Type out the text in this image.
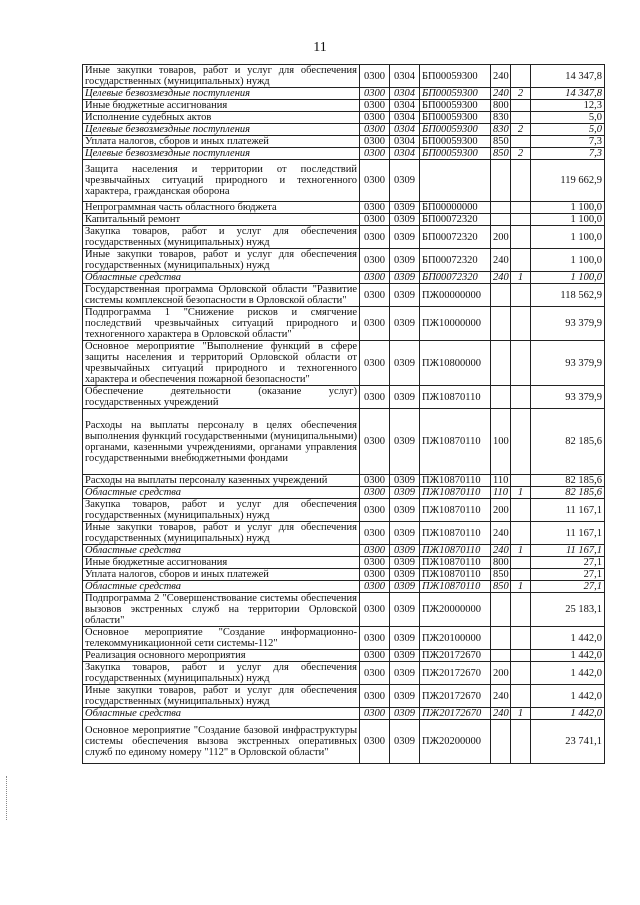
11
Иные закупки товаров, работ и услуг для обеспечения государственных (муниципальных) нужд	0300	0304	БП00059300	240		14 347,8
Целевые безвозмездные поступления	0300	0304	БП00059300	240	2	14 347,8
Иные бюджетные ассигнования	0300	0304	БП00059300	800		12,3
Исполнение судебных актов	0300	0304	БП00059300	830		5,0
Целевые безвозмездные поступления	0300	0304	БП00059300	830	2	5,0
Уплата налогов, сборов и иных платежей	0300	0304	БП00059300	850		7,3
Целевые безвозмездные поступления	0300	0304	БП00059300	850	2	7,3
Защита населения и территории от последствий чрезвычайных ситуаций природного и техногенного характера, гражданская оборона	0300	0309				119 662,9
Непрограммная часть областного бюджета	0300	0309	БП00000000			1 100,0
Капитальный ремонт	0300	0309	БП00072320			1 100,0
Закупка товаров, работ и услуг для обеспечения государственных (муниципальных) нужд	0300	0309	БП00072320	200		1 100,0
Иные закупки товаров, работ и услуг для обеспечения государственных (муниципальных) нужд	0300	0309	БП00072320	240		1 100,0
Областные средства	0300	0309	БП00072320	240	1	1 100,0
Государственная программа Орловской области "Развитие системы комплексной безопасности в Орловской области"	0300	0309	ПЖ00000000			118 562,9
Подпрограмма 1 "Снижение рисков и смягчение последствий чрезвычайных ситуаций природного и техногенного характера в Орловской области"	0300	0309	ПЖ10000000			93 379,9
Основное мероприятие "Выполнение функций в сфере защиты населения и территорий Орловской области от чрезвычайных ситуаций природного и техногенного характера и обеспечения пожарной безопасности"	0300	0309	ПЖ10800000			93 379,9
Обеспечение деятельности (оказание услуг) государственных учреждений	0300	0309	ПЖ10870110			93 379,9
Расходы на выплаты персоналу в целях обеспечения выполнения функций государственными (муниципальными) органами, казенными учреждениями, органами управления государственными внебюджетными фондами	0300	0309	ПЖ10870110	100		82 185,6
Расходы на выплаты персоналу казенных учреждений	0300	0309	ПЖ10870110	110		82 185,6
Областные средства	0300	0309	ПЖ10870110	110	1	82 185,6
Закупка товаров, работ и услуг для обеспечения государственных (муниципальных) нужд	0300	0309	ПЖ10870110	200		11 167,1
Иные закупки товаров, работ и услуг для обеспечения государственных (муниципальных) нужд	0300	0309	ПЖ10870110	240		11 167,1
Областные средства	0300	0309	ПЖ10870110	240	1	11 167,1
Иные бюджетные ассигнования	0300	0309	ПЖ10870110	800		27,1
Уплата налогов, сборов и иных платежей	0300	0309	ПЖ10870110	850		27,1
Областные средства	0300	0309	ПЖ10870110	850	1	27,1
Подпрограмма 2 "Совершенствование системы обеспечения вызовов экстренных служб на территории Орловской области"	0300	0309	ПЖ20000000			25 183,1
Основное мероприятие "Создание информационно-телекоммуникационной сети системы-112"	0300	0309	ПЖ20100000			1 442,0
Реализация основного мероприятия	0300	0309	ПЖ20172670			1 442,0
Закупка товаров, работ и услуг для обеспечения государственных (муниципальных) нужд	0300	0309	ПЖ20172670	200		1 442,0
Иные закупки товаров, работ и услуг для обеспечения государственных (муниципальных) нужд	0300	0309	ПЖ20172670	240		1 442,0
Областные средства	0300	0309	ПЖ20172670	240	1	1 442,0
Основное мероприятие "Создание базовой инфраструктуры системы обеспечения вызова экстренных оперативных служб по единому номеру "112" в Орловской области"	0300	0309	ПЖ20200000			23 741,1
